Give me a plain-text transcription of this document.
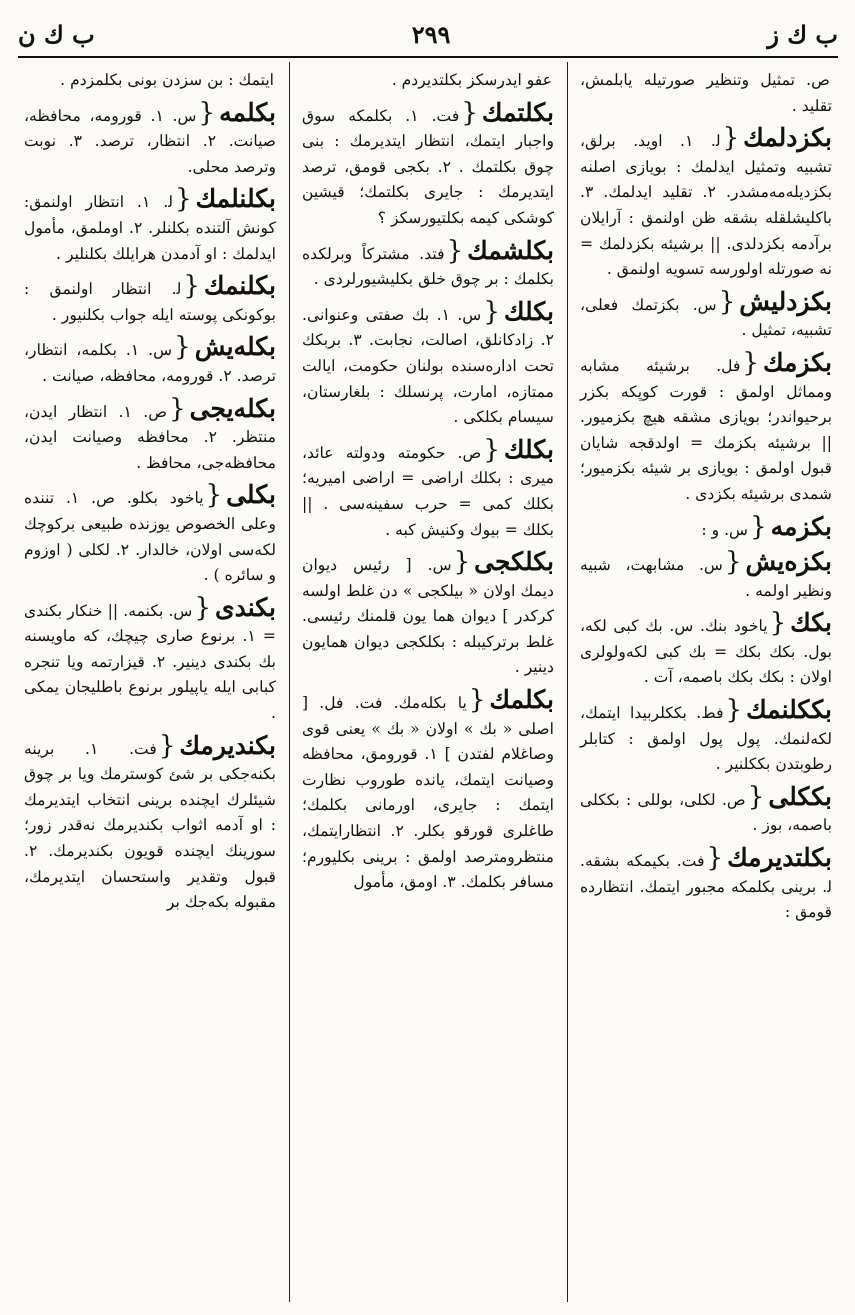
ب ك ز
۲۹۹
ب ك ن
ص. تمثيل وتنظير صورتيله يابلمش، تقليد .
بكزدلمك{ﻟ. ١. اويد. برلق، تشبيه وتمثيل ايدلمك : بويازى اصلنه بكزديله‌مه‌مشدر. ٢. تقليد ايدلمك. ٣. باكليشلقله بشقه ظن اولنمق : آرايلان برآدمه بكزدلدى. || برشيئه بكزدلمك = نه صورتله اولورسه تسويه اولنمق .
بكزدليش{س. بكزتمك فعلى، تشبيه، تمثيل .
بكزمك{فل. برشيئه مشابه ومماثل اولمق : قورت كوپكه بكزر برحيواندر؛ بويازى مشقه هيچ بكزميور. || برشيئه بكزمك = اولدقجه شايان قبول اولمق : بويازى بر شيئه بكزميور؛ شمدى برشيئه بكزدى .
بكزمه{س. و :
بكزه‌يش{س. مشابهت، شبيه ونظير اولمه .
بكك{ياخود بنك. س. بك كبى لكه، بول. بكك بكك = بك كبى لكه‌ولولرى اولان : بكك بكك باصمه، آت .
بككلنمك{فط. بككلربيدا ايتمك، لكه‌لنمك. پول پول اولمق : كتابلر رطوبتدن بككلنير .
بككلى{ص. لكلى، بوللى : بككلى باصمه، بوز .
بكلتديرمك{فت. بكيمكه بشقه. ﻟ. برينى بكلمكه مجبور ايتمك. انتظارده قومق :
عفو ايدرسكز بكلتديردم .
بكلتمك{فت. ١. بكلمكه سوق واجبار ايتمك، انتظار ايتديرمك : بنى چوق بكلتمك . ٢. بكجى قومق، ترصد ايتديرمك : جايرى بكلتمك؛ قيشين كوشكى كيمه بكلتيورسكز ؟
بكلشمك{فتد. مشتركاً وبرلكده بكلمك : بر چوق خلق بكليشيورلردى .
بكلك{س. ١. بك صفتى وعنوانى. ٢. زادكانلق، اصالت، نجابت. ٣. بربكك تحت اداره‌سنده بولنان حكومت، ايالت ممتازه، امارت، پرنسلك : بلغارستان، سيسام بكلكى .
بكلك{ص. حكومته ودولته عائد، ميرى : بكلك اراضى = اراضى اميريه؛ بكلك كمى = حرب سفينه‌سى . || بكلك = بيوك وكنيش كبه .
بكلكجى{س. [ رئيس ديوان ديمك اولان « بيلكجى » دن غلط اولسه كركدر ] ديوان هما يون قلمنك رئيسى. غلط برتركيبله : بكلكجى ديوان همايون دينير .
بكلمك{يا بكله‌مك. فت. فل. [ اصلى « بك » اولان « بك » يعنى قوى وصاغلام لفتدن ] ١. قورومق، محافظه وصيانت ايتمك، يانده طوروب نظارت ايتمك : جايرى، اورمانى بكلمك؛ طاغلرى قورقو بكلر. ٢. انتظارايتمك، منتظرومترصد اولمق : برينى بكليورم؛ مسافر بكلمك. ٣. اومق، مأمول
ايتمك : بن سزدن بونى بكلمزدم .
بكلمه{س. ١. قورومه، محافظه، صيانت. ٢. انتظار، ترصد. ٣. نوبت وترصد محلى.
بكلنلمك{ﻟ. ١. انتظار اولنمق: كونش آلتنده بكلنلر. ٢. اوملمق، مأمول ايدلمك : او آدمدن هرايلك بكلنلير .
بكلنمك{ﻟ. انتظار اولنمق : بوكونكى پوسته ايله جواب بكلنيور .
بكله‌يش{س. ١. بكلمه، انتظار، ترصد. ٢. قورومه، محافظه، صيانت .
بكله‌يجى{ص. ١. انتظار ايدن، منتظر. ٢. محافظه وصيانت ايدن، محافظه‌جى، محافظ .
بكلى{ياخود بكلو. ص. ١. تننده وعلى الخصوص يوزنده طبيعى بركوچك لكه‌سى اولان، خالدار. ٢. لكلى ( اوزوم و سائره ) .
بكندى{س. بكنمه. || خنكار بكندى = ١. برنوع صارى چيچك، كه ماويسنه بك بكندى دينير. ٢. قيزارتمه ويا تنجره كبابى ايله ياپيلور برنوع باطليجان يمكى .
بكنديرمك{فت. ١. برينه بكنه‌جكى بر شئ كوسترمك ويا بر چوق شيئلرك ايچنده برينى انتخاب ايتديرمك : او آدمه اثواب بكنديرمك نه‌قدر زور؛ سورينك ايچنده قويون بكنديرمك. ٢. قبول وتقدير واستحسان ايتديرمك، مقبوله بكه‌جك بر
